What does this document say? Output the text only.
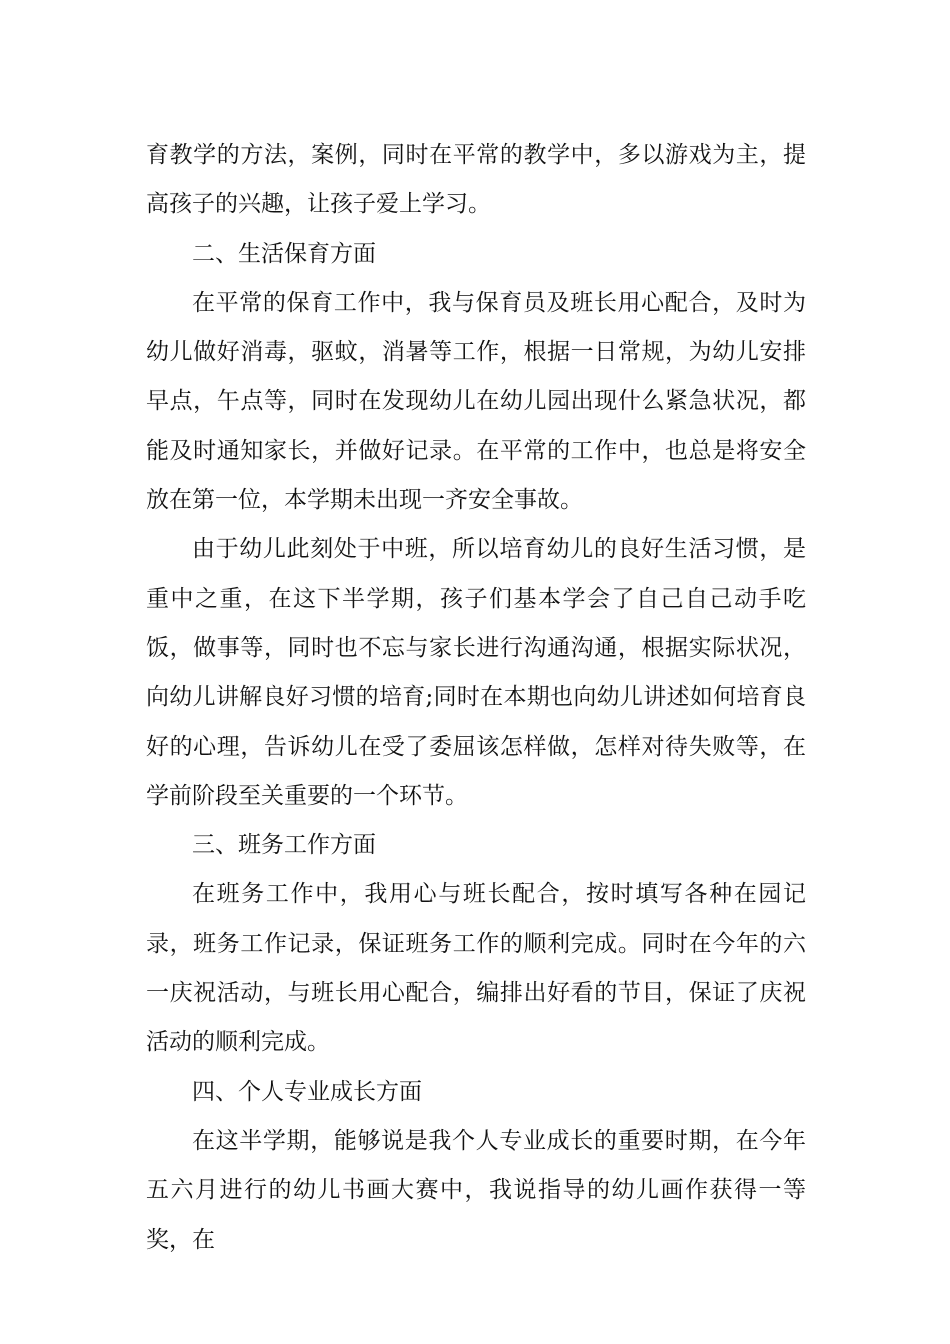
育教学的方法，案例，同时在平常的教学中，多以游戏为主，提高孩子的兴趣，让孩子爱上学习。

二、生活保育方面

在平常的保育工作中，我与保育员及班长用心配合，及时为幼儿做好消毒，驱蚊，消暑等工作，根据一日常规，为幼儿安排早点，午点等，同时在发现幼儿在幼儿园出现什么紧急状况，都能及时通知家长，并做好记录。在平常的工作中，也总是将安全放在第一位，本学期未出现一齐安全事故。

由于幼儿此刻处于中班，所以培育幼儿的良好生活习惯，是重中之重，在这下半学期，孩子们基本学会了自己自己动手吃饭，做事等，同时也不忘与家长进行沟通沟通，根据实际状况，向幼儿讲解良好习惯的培育;同时在本期也向幼儿讲述如何培育良好的心理，告诉幼儿在受了委屈该怎样做，怎样对待失败等，在学前阶段至关重要的一个环节。

三、班务工作方面

在班务工作中，我用心与班长配合，按时填写各种在园记录，班务工作记录，保证班务工作的顺利完成。同时在今年的六一庆祝活动，与班长用心配合，编排出好看的节目，保证了庆祝活动的顺利完成。

四、个人专业成长方面

在这半学期，能够说是我个人专业成长的重要时期，在今年五六月进行的幼儿书画大赛中，我说指导的幼儿画作获得一等奖，在
